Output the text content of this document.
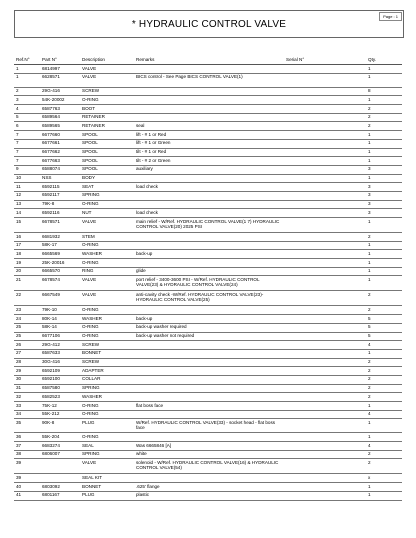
Page : 1
* HYDRAULIC CONTROL VALVE
Ref.N°	Part N°	Description	Remarks	Serial N°	Qty.
1	6814997	VALVE			1
1	6628571	VALVE	BICS control - See Page BICS CONTROL VALVE(1)		1
2	29G-416	SCREW			8
3	54K-20002	O-RING			1
4	6587763	BOOT			2
5	6589564	RETAINER			2
6	6589565	RETAINER	seal		2
7	6677660	SPOOL	lift - # 1 or Red		1
7	6677661	SPOOL	lift - # 1 or Green		1
7	6677662	SPOOL	tilt - # 1 or Red		1
7	6677663	SPOOL	tilt - # 2 or Green		1
9	6588074	SPOOL	auxiliary		3
10	NSS	BODY			1
11	6592115	SEAT	load check		3
12	6592117	SPRING			3
13	79K-8	O-RING			3
14	6592116	NUT	load check		3
15	6678571	VALVE	main relief - W/Ref. HYDRAULIC CONTROL VALVE(1 7) HYDRAULIC CONTROL VALVE(20) 2025 PSI		1
16	6681932	STEM			2
17	58K-17	O-RING			1
18	6665569	WASHER	back-up		1
19	25K-20016	O-RING			1
20	6665570	RING	glide		1
21	6678574	VALVE	port relief - 3400-3600 PSI - W/Ref. HYDRAULIC CONTROL VALVE(23) & HYDRAULIC CONTROL VALVE(24)		1
22	6667549	VALVE	anti-cavity check -W/Ref. HYDRAULIC CONTROL VALVE(23)-HYDRAULIC CONTROL VALVE(25)		2
23	79K-10	O-RING			2
24	80K-14	WASHER	back-up		5
25	58K-14	O-RING	back-up washer required		5
25	6677106	O-RING	back-up washer not required		5
26	29G-412	SCREW			4
27	6587633	BONNET			1
28	30G-416	SCREW			2
29	6592109	ADAPTER			2
30	6592100	COLLAR			2
31	6587580	SPRING			2
32	6582523	WASHER			2
33	75K-12	O-RING	flat boss face		1
34	55K-212	O-RING			4
35	90K-8	PLUG	W/Ref. HYDRAULIC CONTROL VALVE(33) - socket head - flat boss face		1
36	55K-204	O-RING			1
37	6683274	SEAL	Was 6665846 [A]		4
38	6806007	SPRING	white		2
39		VALVE	solenoid - W/Ref. HYDRAULIC CONTROL VALVE(16) & HYDRAULIC CONTROL VALVE(54)		2
39		SEAL KIT			x
40	6803092	BONNET	.625' flange		1
41	6801167	PLUG	plastic		1
